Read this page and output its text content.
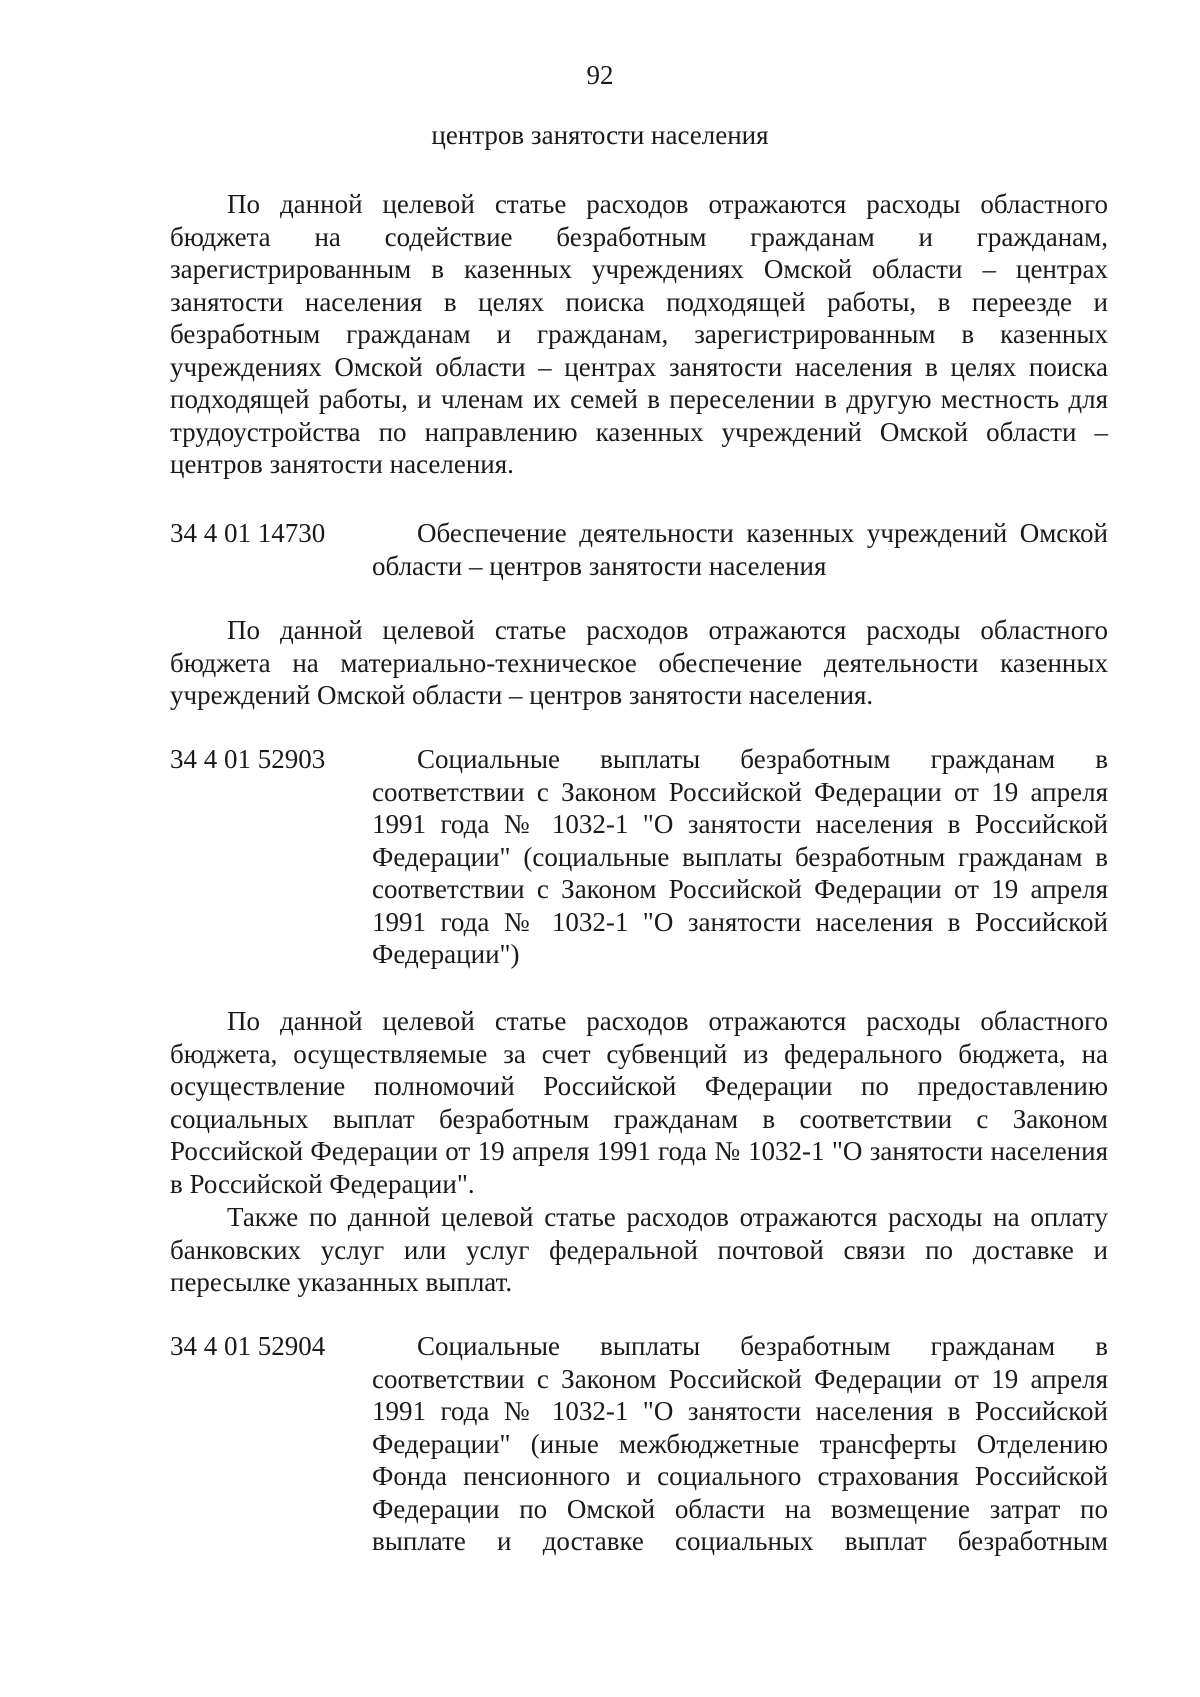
92
центров занятости населения
По данной целевой статье расходов отражаются расходы областного бюджета на содействие безработным гражданам и гражданам, зарегистрированным в казенных учреждениях Омской области – центрах занятости населения в целях поиска подходящей работы, в переезде и безработным гражданам и гражданам, зарегистрированным в казенных учреждениях Омской области – центрах занятости населения в целях поиска подходящей работы, и членам их семей в переселении в другую местность для трудоустройства по направлению казенных учреждений Омской области – центров занятости населения.
34 4 01 14730	Обеспечение деятельности казенных учреждений Омской области – центров занятости населения
По данной целевой статье расходов отражаются расходы областного бюджета на материально-техническое обеспечение деятельности казенных учреждений Омской области – центров занятости населения.
34 4 01 52903	Социальные выплаты безработным гражданам в соответствии с Законом Российской Федерации от 19 апреля 1991 года № 1032-1 "О занятости населения в Российской Федерации" (социальные выплаты безработным гражданам в соответствии с Законом Российской Федерации от 19 апреля 1991 года № 1032-1 "О занятости населения в Российской Федерации")
По данной целевой статье расходов отражаются расходы областного бюджета, осуществляемые за счет субвенций из федерального бюджета, на осуществление полномочий Российской Федерации по предоставлению социальных выплат безработным гражданам в соответствии с Законом Российской Федерации от 19 апреля 1991 года № 1032-1 "О занятости населения в Российской Федерации".
Также по данной целевой статье расходов отражаются расходы на оплату банковских услуг или услуг федеральной почтовой связи по доставке и пересылке указанных выплат.
34 4 01 52904	Социальные выплаты безработным гражданам в соответствии с Законом Российской Федерации от 19 апреля 1991 года № 1032-1 "О занятости населения в Российской Федерации" (иные межбюджетные трансферты Отделению Фонда пенсионного и социального страхования Российской Федерации по Омской области на возмещение затрат по выплате и доставке социальных выплат безработным
